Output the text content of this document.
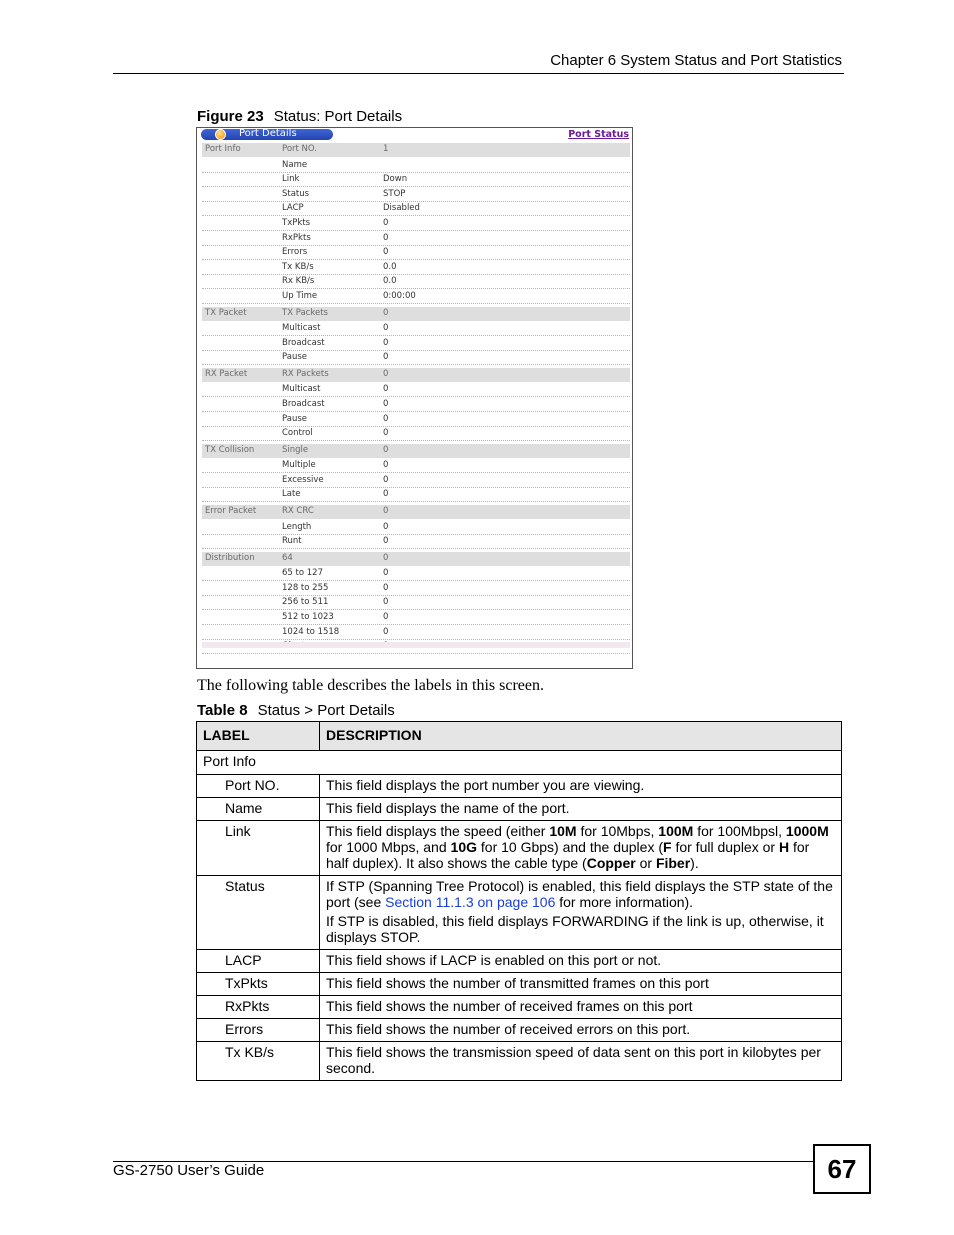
Chapter 6 System Status and Port Statistics
Figure 23 Status: Port Details
Port Details	Port Status
Port Info	Port NO.	1
Name
Link	Down
Status	STOP
LACP	Disabled
TxPkts	0
RxPkts	0
Errors	0
Tx KB/s	0.0
Rx KB/s	0.0
Up Time	0:00:00
TX Packet	TX Packets	0
Multicast	0
Broadcast	0
Pause	0
RX Packet	RX Packets	0
Multicast	0
Broadcast	0
Pause	0
Control	0
TX Collision	Single	0
Multiple	0
Excessive	0
Late	0
Error Packet	RX CRC	0
Length	0
Runt	0
Distribution	64	0
65 to 127	0
128 to 255	0
256 to 511	0
512 to 1023	0
1024 to 1518	0
The following table describes the labels in this screen.
Table 8 Status > Port Details
LABEL	DESCRIPTION
Port Info	
Port NO.	This field displays the port number you are viewing.
Name	This field displays the name of the port.
Link	This field displays the speed (either 10M for 10Mbps, 100M for 100Mbpsl, 1000M for 1000 Mbps, and 10G for 10 Gbps) and the duplex (F for full duplex or H for half duplex). It also shows the cable type (Copper or Fiber).
Status	If STP (Spanning Tree Protocol) is enabled, this field displays the STP state of the port (see Section 11.1.3 on page 106 for more information).
If STP is disabled, this field displays FORWARDING if the link is up, otherwise, it displays STOP.

LACP	This field shows if LACP is enabled on this port or not.
TxPkts	This field shows the number of transmitted frames on this port
RxPkts	This field shows the number of received frames on this port
Errors	This field shows the number of received errors on this port.
Tx KB/s	This field shows the transmission speed of data sent on this port in kilobytes per second.
GS-2750 User’s Guide	67
